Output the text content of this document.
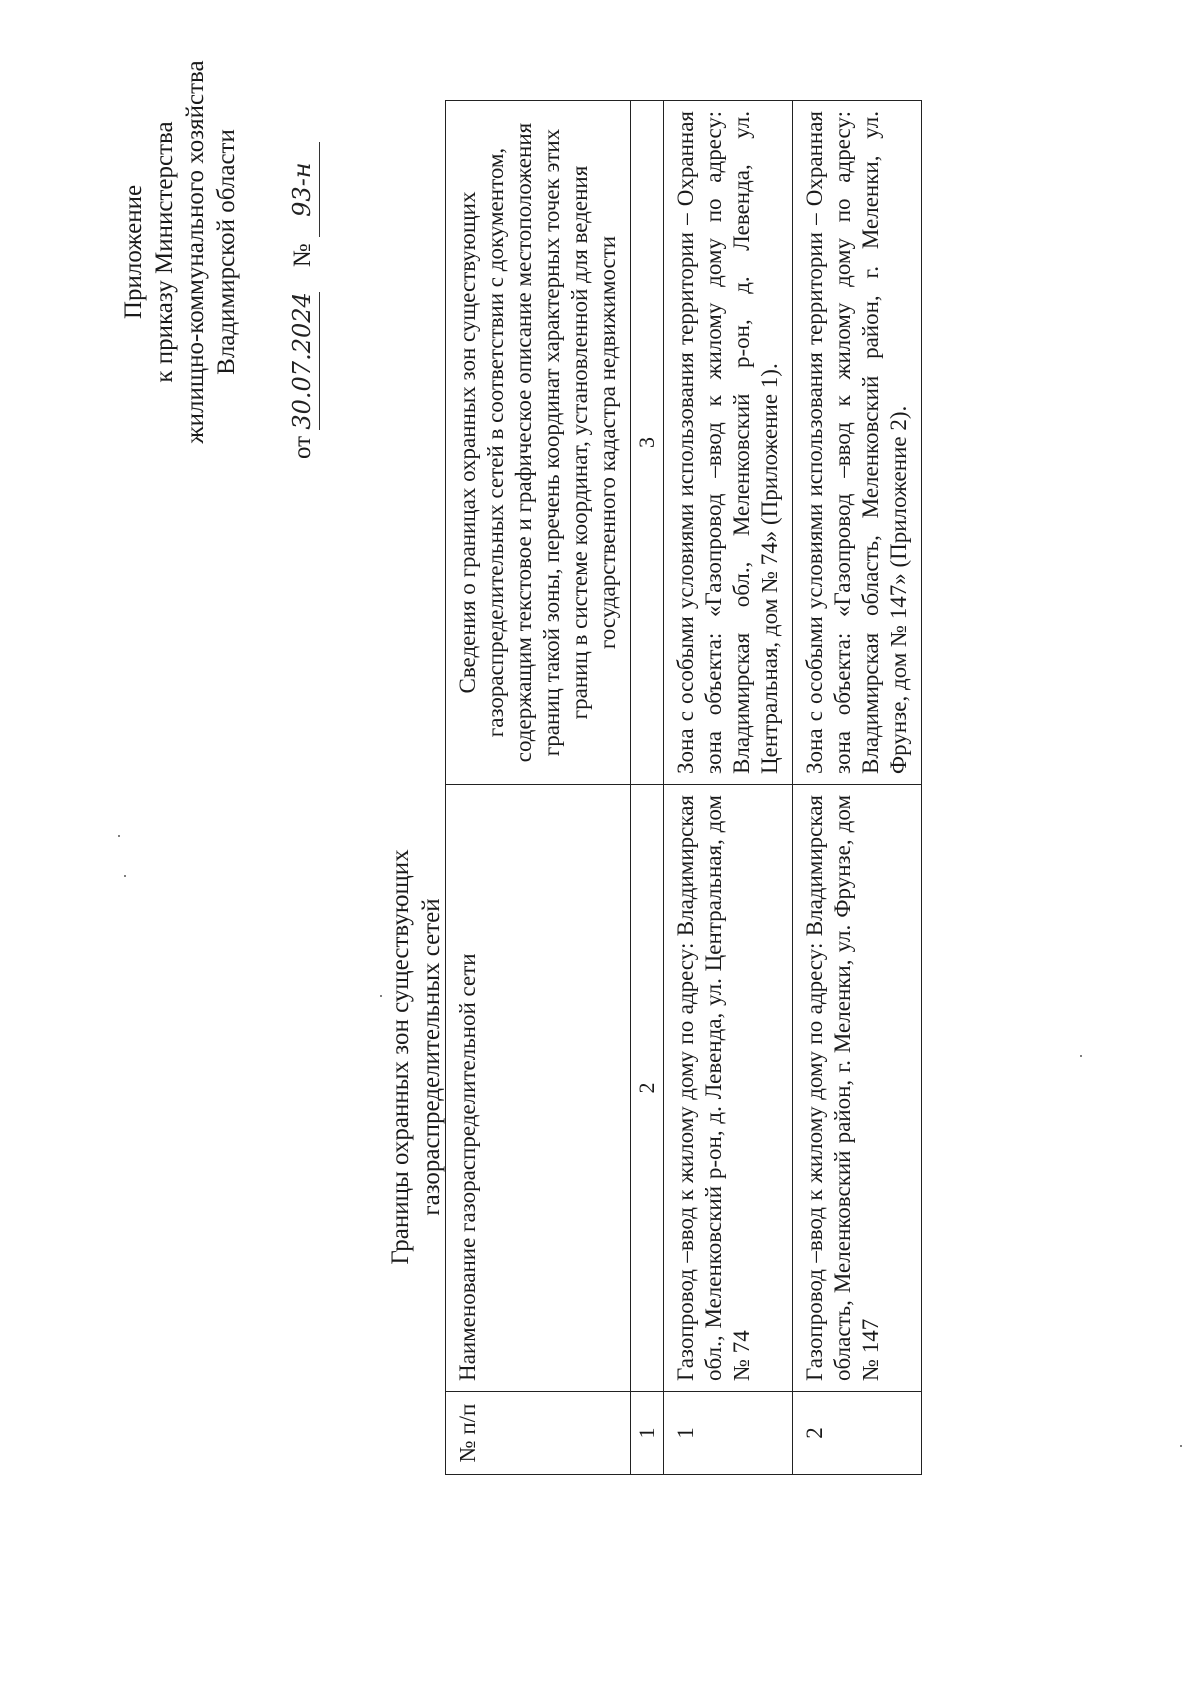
Приложение к приказу Министерства жилищно-коммунального хозяйства Владимирской области
от 30.07.2024    № 93-н
Границы охранных зон существующих газораспределительных сетей
№ п/п	Наименование газораспределительной сети	Сведения о границах охранных зон существующих газораспределительных сетей в соответствии с документом, содержащим текстовое и графическое описание местоположения границ такой зоны, перечень координат характерных точек этих границ в системе координат, установленной для ведения государственного кадастра недвижимости
1	2	3
1	Газопровод –ввод к жилому дому по адресу: Владимирская обл., Меленковский р-он, д. Левенда, ул. Центральная, дом № 74	Зона с особыми условиями использования территории – Охранная зона объекта: «Газопровод –ввод к жилому дому по адресу: Владимирская обл., Меленковский р-он, д. Левенда, ул. Центральная, дом № 74» (Приложение 1).
2	Газопровод –ввод к жилому дому по адресу: Владимирская область, Меленковский район, г. Меленки, ул. Фрунзе, дом № 147	Зона с особыми условиями использования территории – Охранная зона объекта: «Газопровод –ввод к жилому дому по адресу: Владимирская область, Меленковский район, г. Меленки, ул. Фрунзе, дом № 147» (Приложение 2).
